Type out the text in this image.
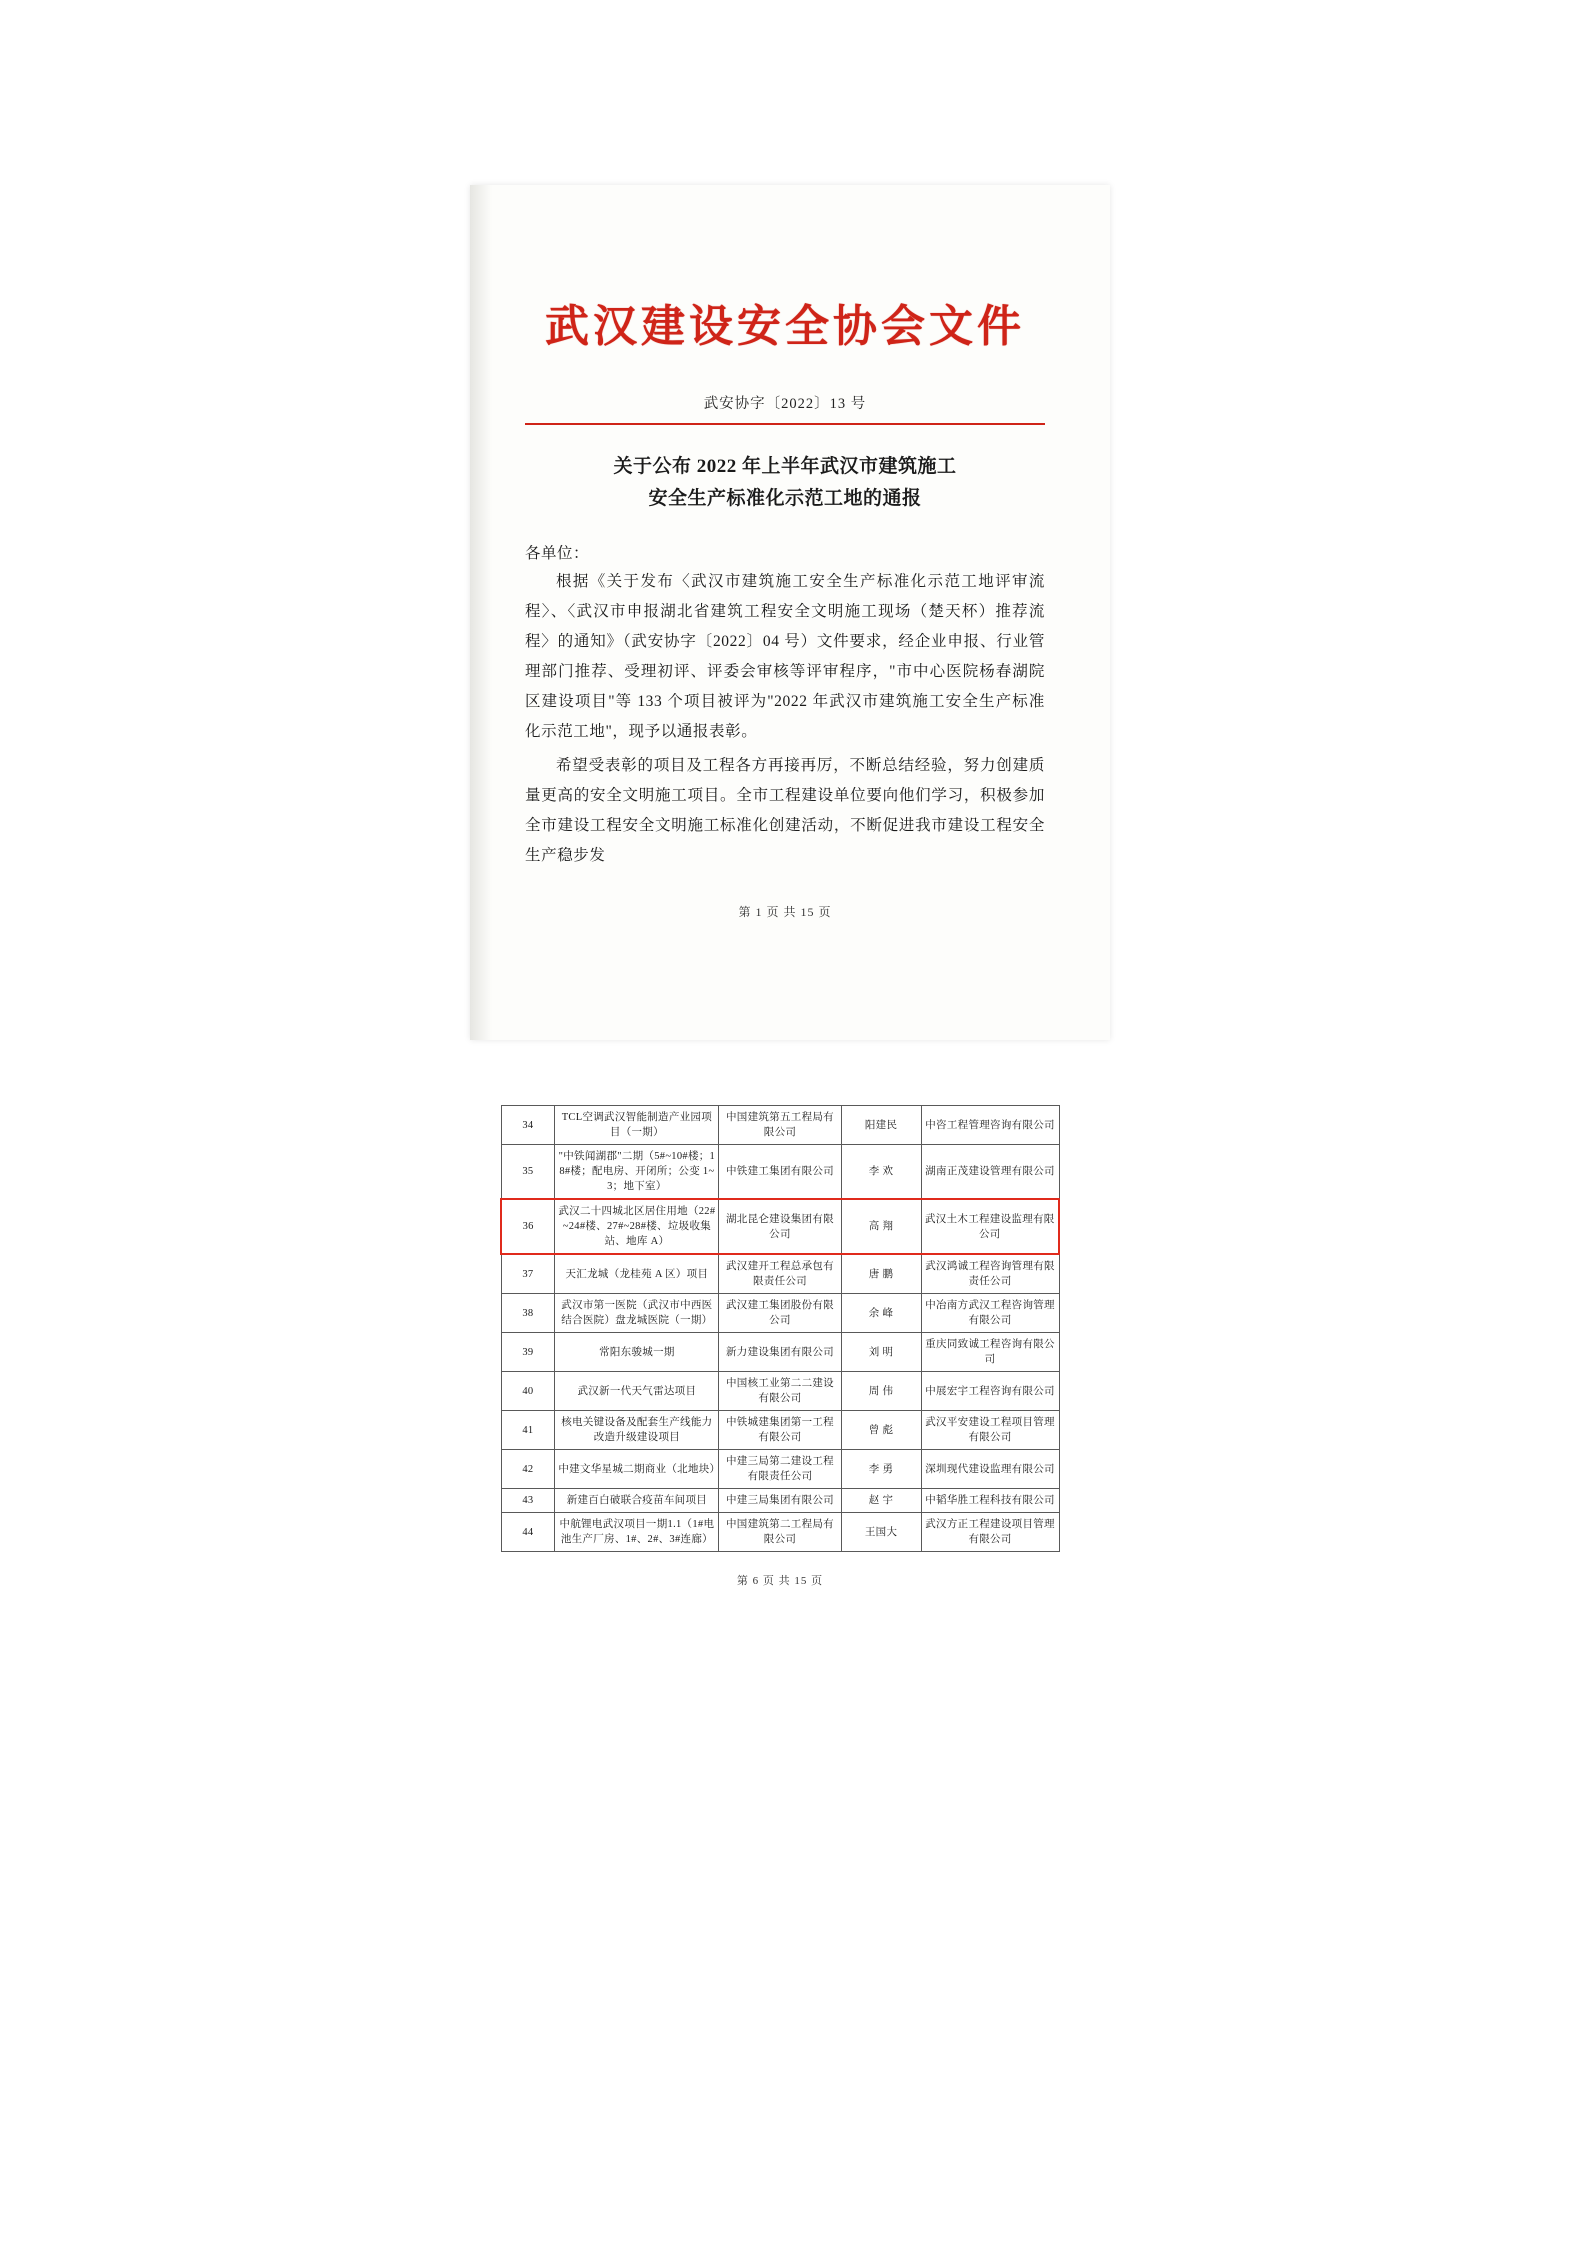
武汉建设安全协会文件
武安协字〔2022〕13 号
关于公布 2022 年上半年武汉市建筑施工
安全生产标准化示范工地的通报
各单位：
根据《关于发布〈武汉市建筑施工安全生产标准化示范工地评审流程〉、〈武汉市申报湖北省建筑工程安全文明施工现场（楚天杯）推荐流程〉的通知》（武安协字〔2022〕04 号）文件要求，经企业申报、行业管理部门推荐、受理初评、评委会审核等评审程序，"市中心医院杨春湖院区建设项目"等 133 个项目被评为"2022 年武汉市建筑施工安全生产标准化示范工地"，现予以通报表彰。
希望受表彰的项目及工程各方再接再厉，不断总结经验，努力创建质量更高的安全文明施工项目。全市工程建设单位要向他们学习，积极参加全市建设工程安全文明施工标准化创建活动，不断促进我市建设工程安全生产稳步发
第 1 页 共 15 页
34	TCL空调武汉智能制造产业园项目（一期）	中国建筑第五工程局有限公司	阳建民	中咨工程管理咨询有限公司
35	"中铁闻湖郡"二期（5#~10#楼；18#楼；配电房、开闭所；公变 1~3；地下室）	中铁建工集团有限公司	李 欢	湖南正茂建设管理有限公司
36	武汉二十四城北区居住用地（22#~24#楼、27#~28#楼、垃圾收集站、地库 A）	湖北昆仑建设集团有限公司	高 翔	武汉土木工程建设监理有限公司
37	天汇龙城（龙桂苑 A 区）项目	武汉建开工程总承包有限责任公司	唐 鹏	武汉鸿诚工程咨询管理有限责任公司
38	武汉市第一医院（武汉市中西医结合医院）盘龙城医院（一期）	武汉建工集团股份有限公司	余 峰	中冶南方武汉工程咨询管理有限公司
39	常阳东骏城一期	新力建设集团有限公司	刘 明	重庆同致诚工程咨询有限公司
40	武汉新一代天气雷达项目	中国核工业第二二建设有限公司	周 伟	中展宏宇工程咨询有限公司
41	核电关键设备及配套生产线能力改造升级建设项目	中铁城建集团第一工程有限公司	曾 彪	武汉平安建设工程项目管理有限公司
42	中建文华星城二期商业（北地块）	中建三局第二建设工程有限责任公司	李 勇	深圳现代建设监理有限公司
43	新建百白破联合疫苗车间项目	中建三局集团有限公司	赵 宇	中韬华胜工程科技有限公司
44	中航锂电武汉项目一期1.1（1#电池生产厂房、1#、2#、3#连廊）	中国建筑第二工程局有限公司	王国大	武汉方正工程建设项目管理有限公司
第 6 页 共 15 页
